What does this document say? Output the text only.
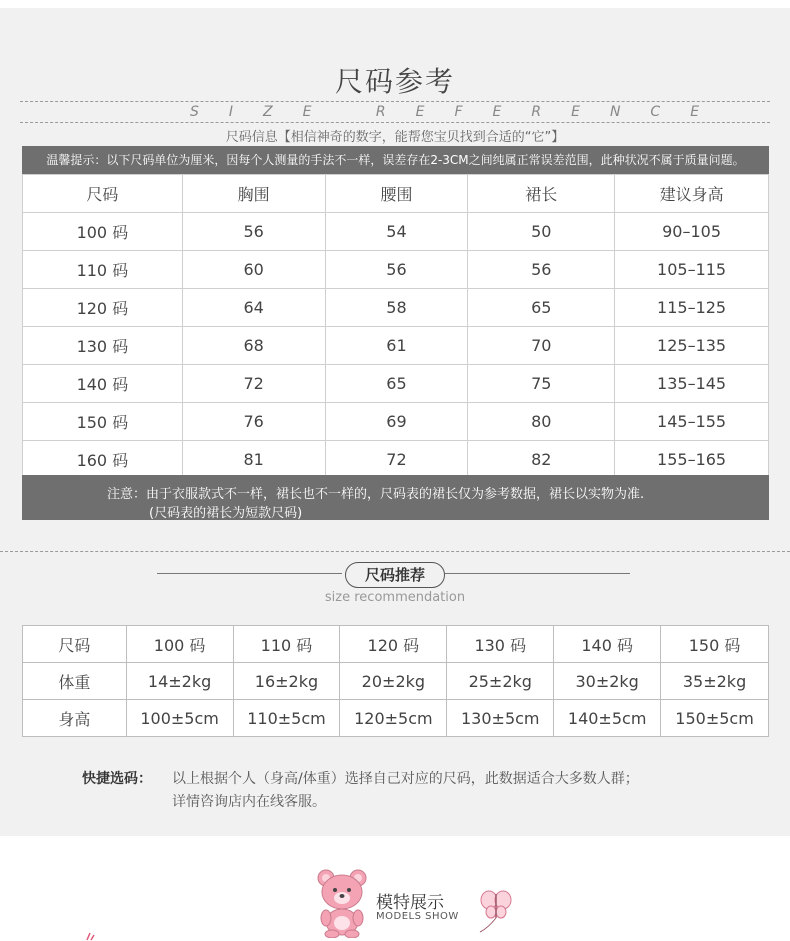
尺码参考
SIZE REFERENCE
尺码信息【相信神奇的数字，能帮您宝贝找到合适的“它”】
温馨提示：以下尺码单位为厘米，因每个人测量的手法不一样，误差存在2-3CM之间纯属正常误差范围，此种状况不属于质量问题。
尺码	胸围	腰围	裙长	建议身高
100 码	56	54	50	90–105
110 码	60	56	56	105–115
120 码	64	58	65	115–125
130 码	68	61	70	125–135
140 码	72	65	75	135–145
150 码	76	69	80	145–155
160 码	81	72	82	155–165
注意：由于衣服款式不一样，裙长也不一样的，尺码表的裙长仅为参考数据，裙长以实物为准.
(尺码表的裙长为短款尺码)
尺码推荐
size recommendation
尺码	100 码	110 码	120 码	130 码	140 码	150 码
体重	14±2kg	16±2kg	20±2kg	25±2kg	30±2kg	35±2kg
身高	100±5cm	110±5cm	120±5cm	130±5cm	140±5cm	150±5cm
快捷选码： 以上根据个人（身高/体重）选择自己对应的尺码，此数据适合大多数人群；
详情咨询店内在线客服。
模特展示
MODELS SHOW
